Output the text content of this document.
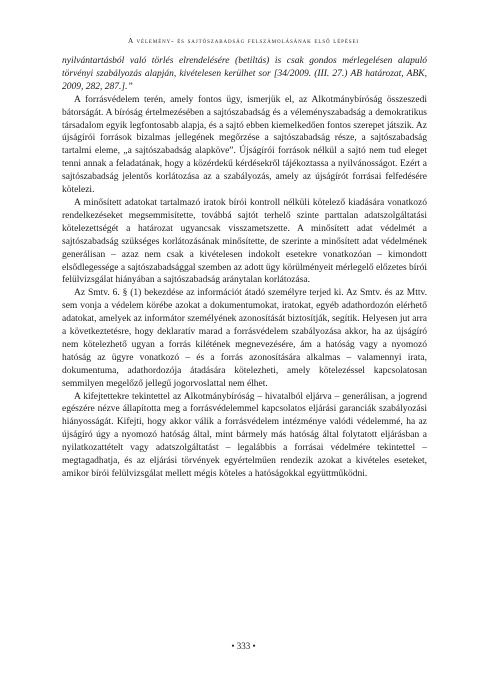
A vélemény- és sajtószabadság felszámolásának első lépései

nyilvántartásból való törlés elrendelésére (betiltás) is csak gondos mérlegelésen alapuló törvényi szabályozás alapján, kivételesen kerülhet sor [34/2009. (III. 27.) AB határozat, ABK, 2009, 282, 287.].”

A forrásvédelem terén, amely fontos ügy, ismerjük el, az Alkotmánybíróság összeszedi bátorságát. A bíróság értelmezésében a sajtószabadság és a véleményszabadság a demokratikus társadalom egyik legfontosabb alapja, és a sajtó ebben kiemelkedően fontos szerepet játszik. Az újságírói források bizalmas jellegének megőrzése a sajtószabadság része, a sajtószabadság tartalmi eleme, „a sajtószabadság alapköve”. Újságírói források nélkül a sajtó nem tud eleget tenni annak a feladatának, hogy a közérdekű kérdésekről tájékoztassa a nyilvánosságot. Ezért a sajtószabadság jelentős korlátozása az a szabályozás, amely az újságírót forrásai felfedésére kötelezi.

A minősített adatokat tartalmazó iratok bírói kontroll nélküli kötelező kiadására vonatkozó rendelkezéseket megsemmisítette, továbbá sajtót terhelő szinte parttalan adatszolgáltatási kötelezettségét a határozat ugyancsak visszametszette. A minősített adat védelmét a sajtószabadság szükséges korlátozásának minősítette, de szerinte a minősített adat védelmének generálisan – azaz nem csak a kivételesen indokolt esetekre vonatkozóan – kimondott elsődlegessége a sajtószabadsággal szemben az adott ügy körülményeit mérlegelő előzetes bírói felülvizsgálat hiányában a sajtószabadság aránytalan korlátozása.

Az Smtv. 6. § (1) bekezdése az információt átadó személyre terjed ki. Az Smtv. és az Mttv. sem vonja a védelem körébe azokat a dokumentumokat, iratokat, egyéb adathordozón elérhető adatokat, amelyek az informátor személyének azonosítását biztosítják, segítik. Helyesen jut arra a következtetésre, hogy deklaratív marad a forrásvédelem szabályozása akkor, ha az újságíró nem kötelezhető ugyan a forrás kilétének megnevezésére, ám a hatóság vagy a nyomozó hatóság az ügyre vonatkozó – és a forrás azonosítására alkalmas – valamennyi irata, dokumentuma, adathordozója átadására kötelezheti, amely kötelezéssel kapcsolatosan semmilyen megelőző jellegű jogorvoslattal nem élhet.

A kifejtettekre tekintettel az Alkotmánybíróság – hivatalból eljárva – generálisan, a jogrend egészére nézve állapította meg a forrásvédelemmel kapcsolatos eljárási garanciák szabályozási hiányosságát. Kifejti, hogy akkor válik a forrásvédelem intézménye valódi védelemmé, ha az újságíró úgy a nyomozó hatóság által, mint bármely más hatóság által folytatott eljárásban a nyilatkozattételt vagy adatszolgáltatást – legalábbis a forrásai védelmére tekintettel – megtagadhatja, és az eljárási törvények egyértelműen rendezik azokat a kivételes eseteket, amikor bírói felülvizsgálat mellett mégis köteles a hatóságokkal együttműködni.

• 333 •
